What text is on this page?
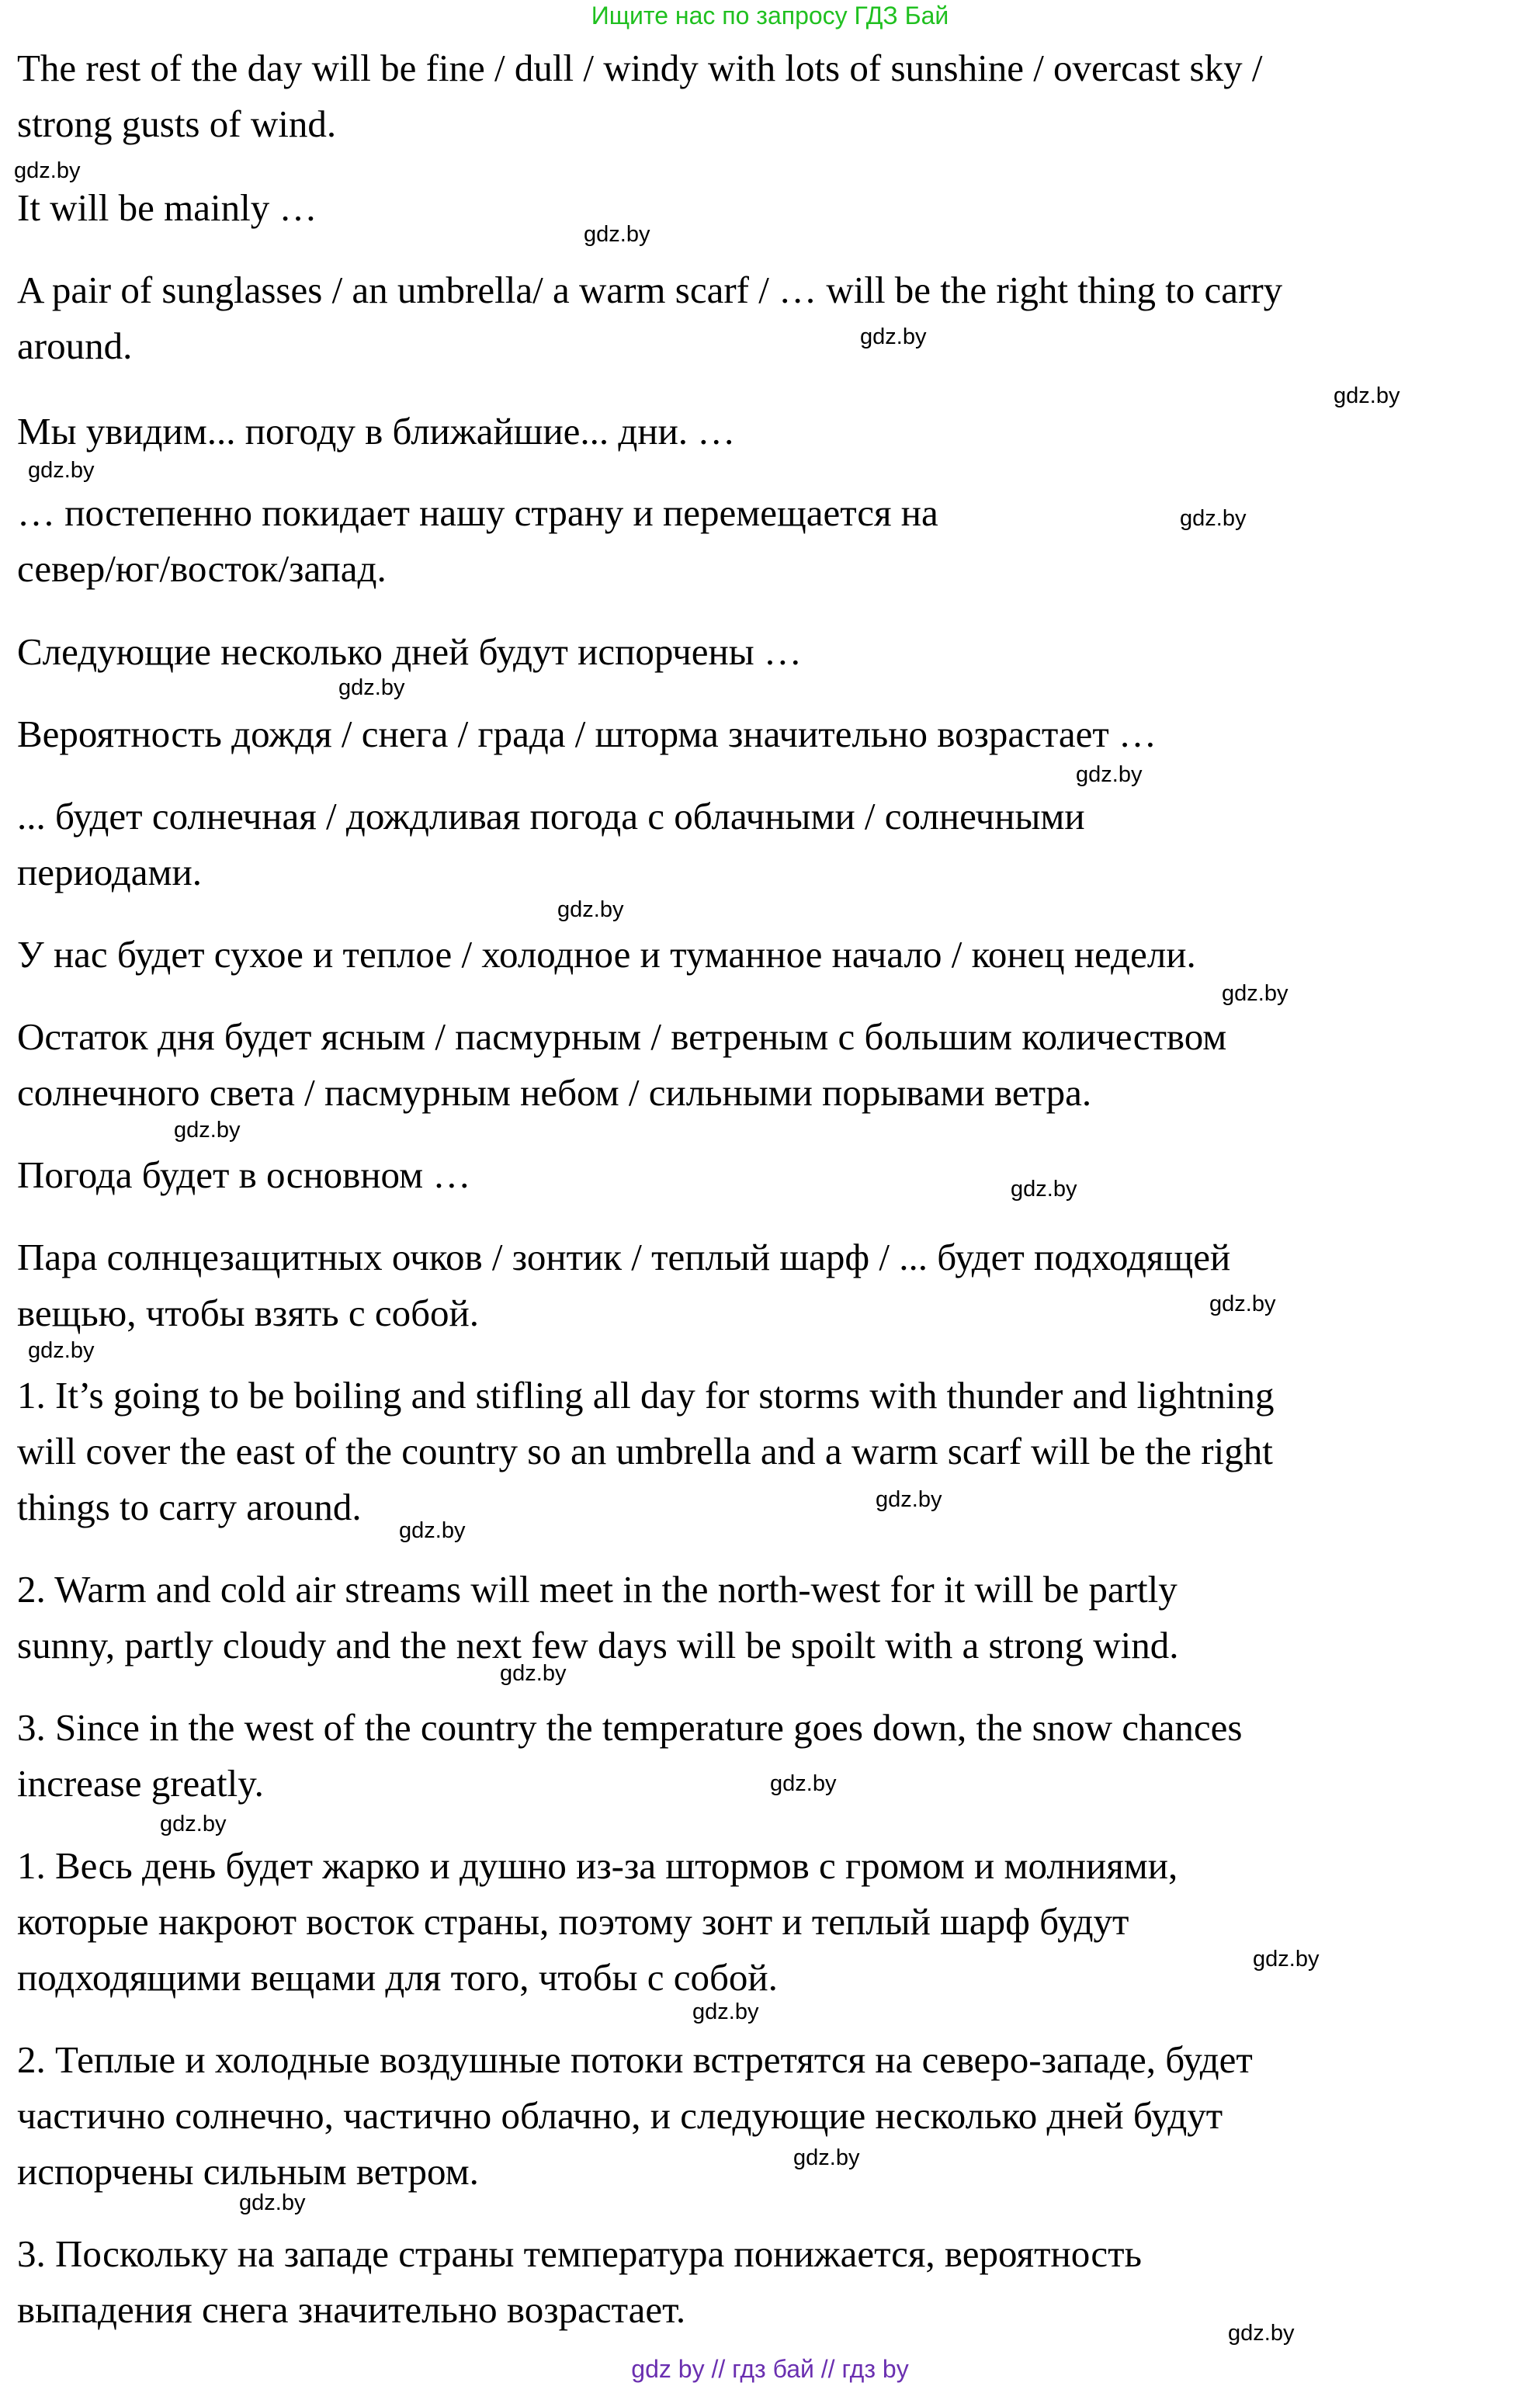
Ищите нас по запросу ГДЗ Бай
The rest of the day will be fine / dull / windy with lots of sunshine / overcast sky /
strong gusts of wind.
It will be mainly …
A pair of sunglasses / an umbrella/ a warm scarf / … will be the right thing to carry
around.
Мы увидим... погоду в ближайшие... дни. …
… постепенно покидает нашу страну и перемещается на
север/юг/восток/запад.
Следующие несколько дней будут испорчены …
Вероятность дождя / снега / града / шторма значительно возрастает …
... будет солнечная / дождливая погода с облачными / солнечными
периодами.
У нас будет сухое и теплое / холодное и туманное начало / конец недели.
Остаток дня будет ясным / пасмурным / ветреным с большим количеством
солнечного света / пасмурным небом / сильными порывами ветра.
Погода будет в основном …
Пара солнцезащитных очков / зонтик / теплый шарф / ... будет подходящей
вещью, чтобы взять с собой.
1. It’s going to be boiling and stifling all day for storms with thunder and lightning
will cover the east of the country so an umbrella and a warm scarf will be the right
things to carry around.
2. Warm and cold air streams will meet in the north-west for it will be partly
sunny, partly cloudy and the next few days will be spoilt with a strong wind.
3. Since in the west of the country the temperature goes down, the snow chances
increase greatly.
1. Весь день будет жарко и душно из-за штормов с громом и молниями,
которые накроют восток страны, поэтому зонт и теплый шарф будут
подходящими вещами для того, чтобы с собой.
2. Теплые и холодные воздушные потоки встретятся на северо-западе, будет
частично солнечно, частично облачно, и следующие несколько дней будут
испорчены сильным ветром.
3. Поскольку на западе страны температура понижается, вероятность
выпадения снега значительно возрастает.
gdz.by
gdz.by
gdz.by
gdz.by
gdz.by
gdz.by
gdz.by
gdz.by
gdz.by
gdz.by
gdz.by
gdz.by
gdz.by
gdz.by
gdz.by
gdz.by
gdz.by
gdz.by
gdz.by
gdz.by
gdz.by
gdz.by
gdz.by
gdz.by
gdz by // гдз бай // гдз by
